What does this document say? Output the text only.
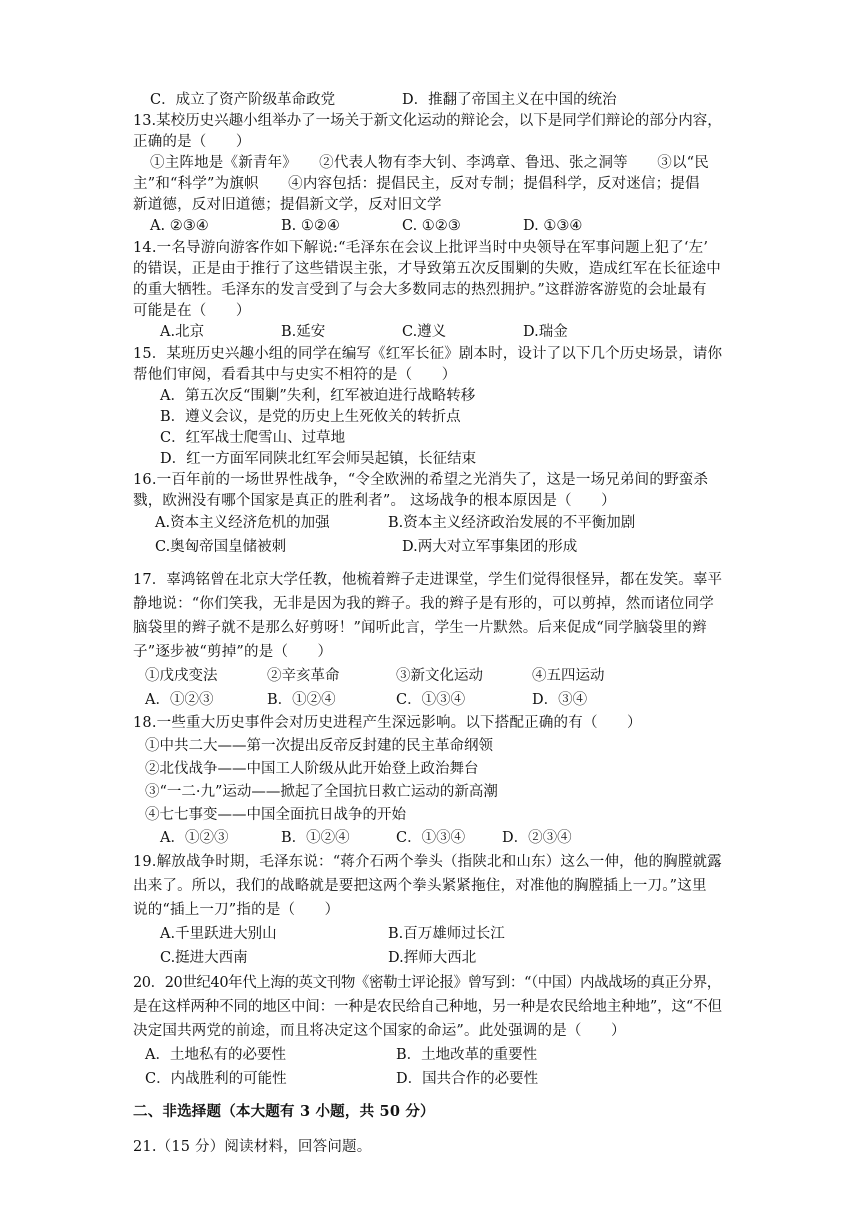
C．成立了资产阶级革命政党	D．推翻了帝国主义在中国的统治
13.某校历史兴趣小组举办了一场关于新文化运动的辩论会，以下是同学们辩论的部分内容，
正确的是（　　）
①主阵地是《新青年》　　②代表人物有李大钊、李鸿章、鲁迅、张之洞等　　③以“民
主”和“科学”为旗帜　　④内容包括：提倡民主，反对专制；提倡科学，反对迷信；提倡
新道德，反对旧道德；提倡新文学，反对旧文学
A. ②③④	B. ①②④	C. ①②③	D. ①③④
14.一名导游向游客作如下解说:“毛泽东在会议上批评当时中央领导在军事问题上犯了‘左’
的错误，正是由于推行了这些错误主张，才导致第五次反围剿的失败，造成红军在长征途中
的重大牺牲。毛泽东的发言受到了与会大多数同志的热烈拥护。”这群游客游览的会址最有
可能是在（　　）
A.北京	B.延安	C.遵义	D.瑞金
15．某班历史兴趣小组的同学在编写《红军长征》剧本时，设计了以下几个历史场景，请你
帮他们审阅，看看其中与史实不相符的是（　　）
A．第五次反“围剿”失利，红军被迫进行战略转移
B．遵义会议，是党的历史上生死攸关的转折点
C．红军战士爬雪山、过草地
D．红一方面军同陕北红军会师吴起镇，长征结束
16.一百年前的一场世界性战争，“令全欧洲的希望之光消失了，这是一场兄弟间的野蛮杀
戮，欧洲没有哪个国家是真正的胜利者”。 这场战争的根本原因是（　　）
A.资本主义经济危机的加强	B.资本主义经济政治发展的不平衡加剧
C.奥匈帝国皇储被刺	D.两大对立军事集团的形成
17．辜鸿铭曾在北京大学任教，他梳着辫子走进课堂，学生们觉得很怪异，都在发笑。辜平
静地说：“你们笑我，无非是因为我的辫子。我的辫子是有形的，可以剪掉，然而诸位同学
脑袋里的辫子就不是那么好剪呀！”闻听此言，学生一片默然。后来促成“同学脑袋里的辫
子”逐步被“剪掉”的是（　　）
①戊戌变法	②辛亥革命	③新文化运动	④五四运动
A．①②③	B．①②④	C．①③④	D．③④
18.一些重大历史事件会对历史进程产生深远影响。以下搭配正确的有（　　）
①中共二大——第一次提出反帝反封建的民主革命纲领
②北伐战争——中国工人阶级从此开始登上政治舞台
③“一二·九”运动——掀起了全国抗日救亡运动的新高潮
④七七事变——中国全面抗日战争的开始
A．①②③	B．①②④	C．①③④	D．②③④
19.解放战争时期，毛泽东说：“蒋介石两个拳头（指陕北和山东）这么一伸，他的胸膛就露
出来了。所以，我们的战略就是要把这两个拳头紧紧拖住，对准他的胸膛插上一刀。”这里
说的“插上一刀”指的是（　　）
A.千里跃进大别山	B.百万雄师过长江
C.挺进大西南	D.挥师大西北
20．20世纪40年代上海的英文刊物《密勒士评论报》曾写到：“（中国）内战战场的真正分界，
是在这样两种不同的地区中间：一种是农民给自己种地，另一种是农民给地主种地”，这“不但
决定国共两党的前途，而且将决定这个国家的命运”。此处强调的是（　　）
A．土地私有的必要性	B．土地改革的重要性
C．内战胜利的可能性	D．国共合作的必要性
二、非选择题（本大题有 3 小题，共 50 分）
21.（15 分）阅读材料，回答问题。
